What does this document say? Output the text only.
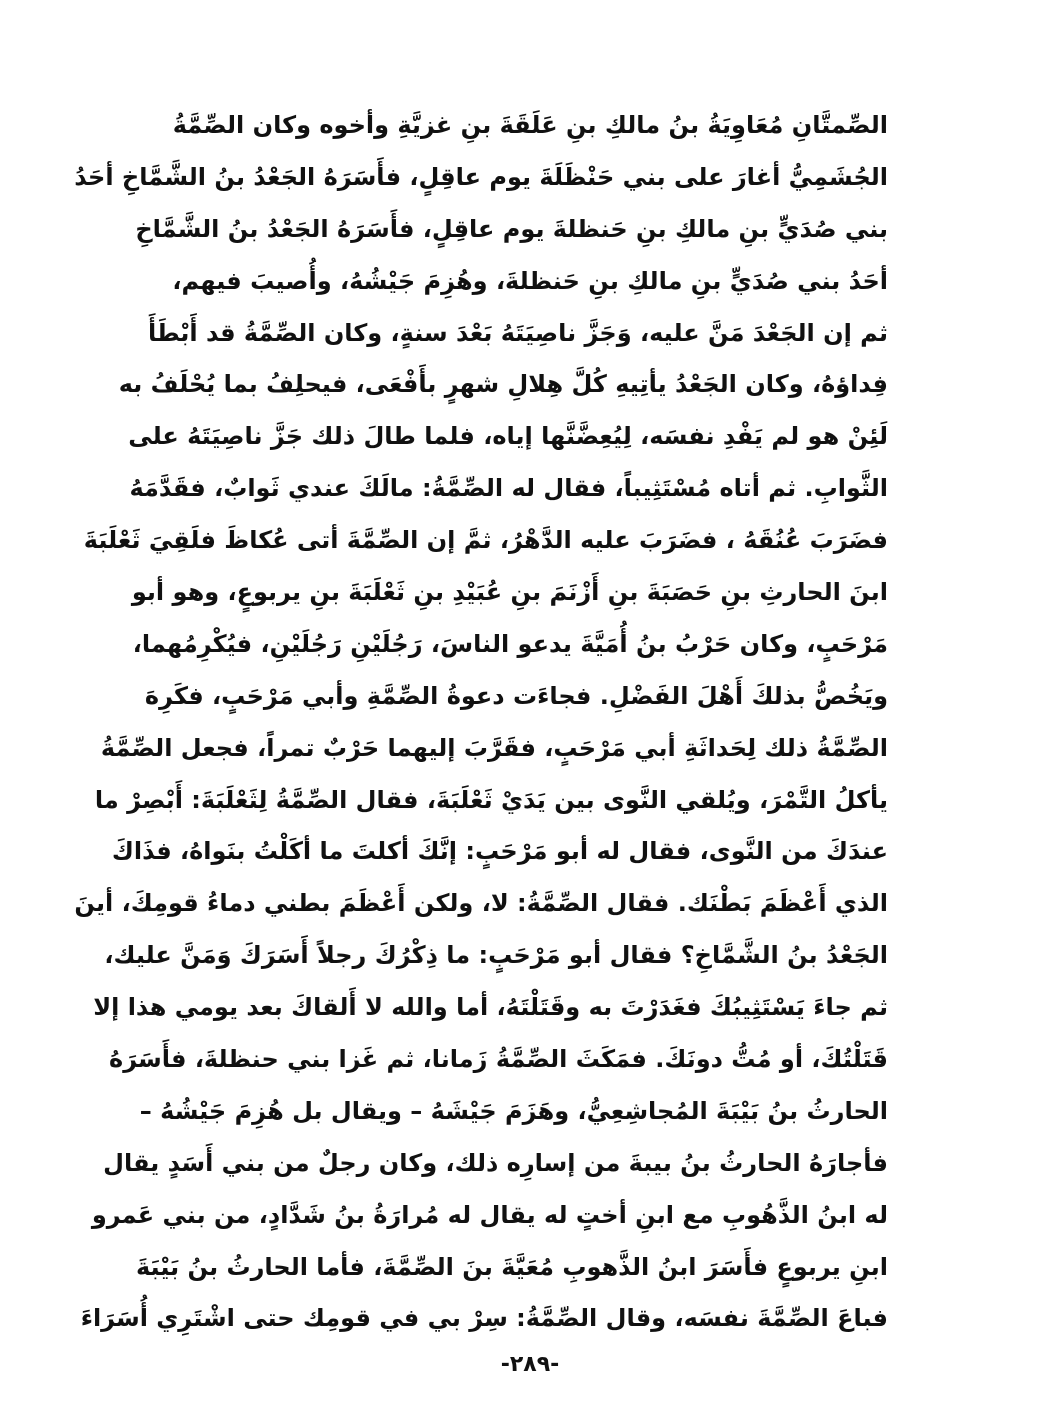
الصِّمتَّانِ مُعَاوِيَةُ بنُ مالكِ بنِ عَلَقَةَ بنِ غزيَّةِ وأخوه وكان الصِّمَّةُ
الجُشَمِيُّ أغارَ على بني حَنْظَلَةَ يوم عاقِلٍ، فأَسَرَهُ الجَعْدُ بنُ الشَّمَّاخِ أحَدُ
بني صُدَيٍّ بنِ مالكِ بنِ حَنظلةَ يوم عاقِلٍ، فأَسَرَهُ الجَعْدُ بنُ الشَّمَّاخِ
أحَدُ بني صُدَيٍّ بنِ مالكِ بنِ حَنظلةَ، وهُزِمَ جَيْشُهُ، وأُصيبَ فيهم،
ثم إن الجَعْدَ مَنَّ عليه، وَجَزَّ ناصِيَتَهُ بَعْدَ سنةٍ، وكان الصِّمَّةُ قد أَبْطَأَ
فِداؤهُ، وكان الجَعْدُ يأتِيهِ كُلَّ هِلالِ شهرٍ بأَفْعَى، فيحلِفُ بما يُحْلَفُ به
لَئِنْ هو لم يَفْدِ نفسَه، لِيُعِضَّنَّها إياه، فلما طالَ ذلك جَزَّ ناصِيَتَهُ على
الثَّوابِ. ثم أتاه مُسْتَثِيباً، فقال له الصِّمَّةُ: مالَكَ عندي ثَوابٌ، فقَدَّمَهُ
فضَرَبَ عُنُقَهُ ، فضَرَبَ عليه الدَّهْرُ، ثمَّ إن الصِّمَّةَ أتى عُكاظَ فلَقِيَ ثَعْلَبَةَ
ابنَ الحارثِ بنِ حَصَبَةَ بنِ أَزْنَمَ بنِ عُبَيْدِ بنِ ثَعْلَبَةَ بنِ يربوعٍ، وهو أبو
مَرْحَبٍ، وكان حَرْبُ بنُ أُمَيَّةَ يدعو الناسَ، رَجُلَيْنِ رَجُلَيْنِ، فيُكْرِمُهما،
ويَخُصُّ بذلكَ أَهْلَ الفَضْلِ. فجاءَت دعوةُ الصِّمَّةِ وأبي مَرْحَبٍ، فكَرِهَ
الصِّمَّةُ ذلك لِحَداثَةِ أبي مَرْحَبٍ، فقَرَّبَ إليهما حَرْبٌ تمراً، فجعل الصِّمَّةُ
يأكلُ التَّمْرَ، ويُلقي النَّوى بين يَدَيْ ثَعْلَبَةَ، فقال الصِّمَّةُ لِثَعْلَبَةَ: أَبْصِرْ ما
عندَكَ من النَّوى، فقال له أبو مَرْحَبٍ: إنَّكَ أكلتَ ما أكَلْتُ بنَواهُ، فذَاكَ
الذي أَعْظَمَ بَطْنَك. فقال الصِّمَّةُ: لا، ولكن أَعْظَمَ بطني دماءُ قومِكَ، أينَ
الجَعْدُ بنُ الشَّمَّاخِ؟ فقال أبو مَرْحَبٍ: ما ذِكْرُكَ رجلاً أَسَرَكَ وَمَنَّ عليك،
ثم جاءَ يَسْتَثِيبُكَ فغَدَرْتَ به وقَتَلْتَهُ، أما والله لا أَلقاكَ بعد يومي هذا إلا
قَتَلْتُكَ، أو مُتُّ دونَكَ. فمَكَثَ الصِّمَّةُ زَمانا، ثم غَزا بني حنظلةَ، فأَسَرَهُ
الحارثُ بنُ بَيْبَةَ المُجاشِعِيُّ، وهَزَمَ جَيْشَهُ – ويقال بل هُزِمَ جَيْشُهُ –
فأجارَهُ الحارثُ بنُ بيبةَ من إسارِه ذلك، وكان رجلٌ من بني أَسَدٍ يقال
له ابنُ الذَّهُوبِ مع ابنِ أختٍ له يقال له مُرارَةُ بنُ شَدَّادٍ، من بني عَمرو
ابنِ يربوعٍ فأَسَرَ ابنُ الذَّهوبِ مُعَيَّةَ بنَ الصِّمَّةَ، فأما الحارثُ بنُ بَيْبَةَ
فباعَ الصِّمَّةَ نفسَه، وقال الصِّمَّةُ: سِرْ بي في قومِك حتى اشْتَرِي أُسَرَاءَ
-٢٨٩-
